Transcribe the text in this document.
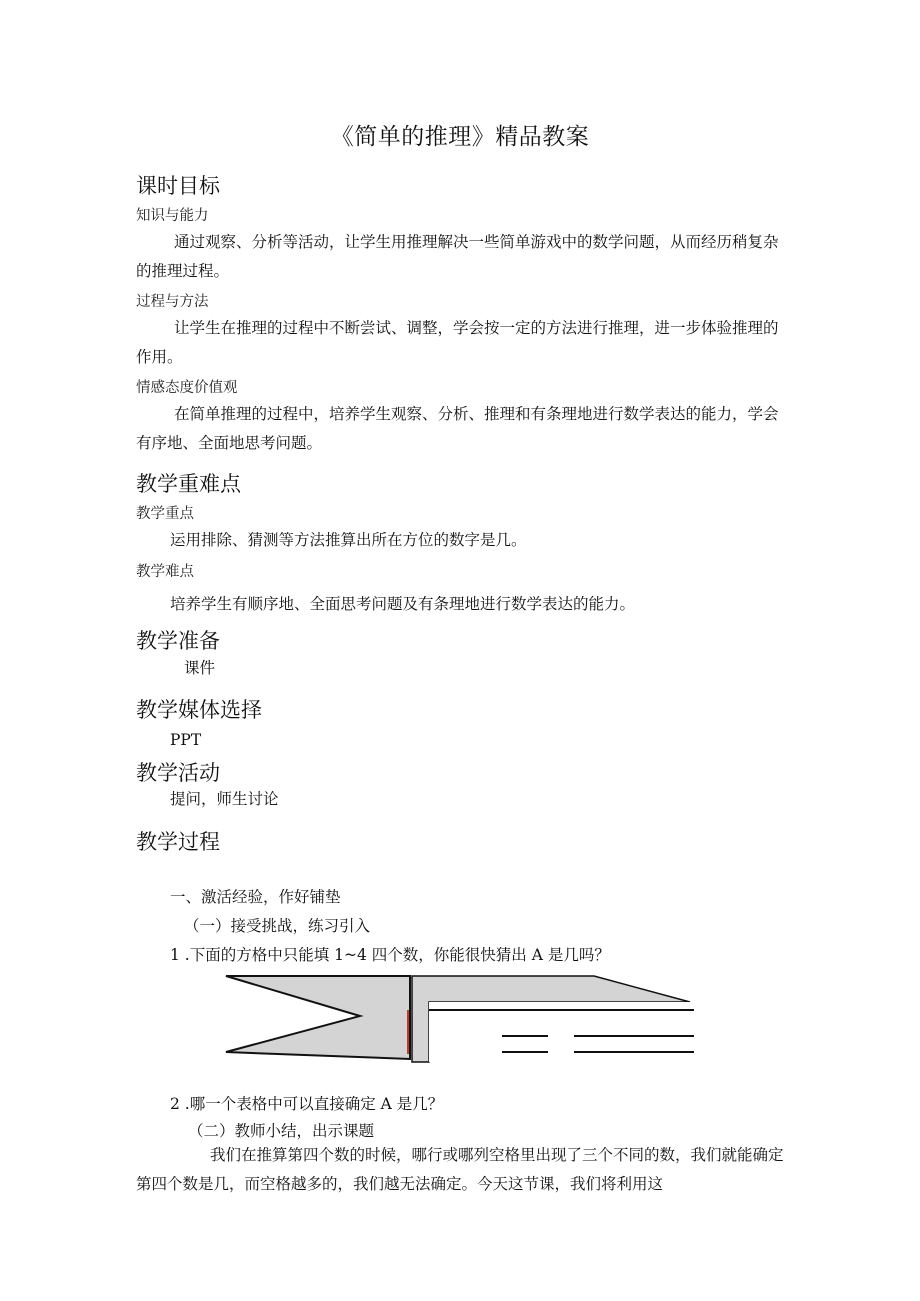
《简单的推理》精品教案
课时目标
知识与能力
通过观察、分析等活动，让学生用推理解决一些简单游戏中的数学问题，从而经历稍复杂的推理过程。
过程与方法
让学生在推理的过程中不断尝试、调整，学会按一定的方法进行推理，进一步体验推理的作用。
情感态度价值观
在简单推理的过程中，培养学生观察、分析、推理和有条理地进行数学表达的能力，学会有序地、全面地思考问题。
教学重难点
教学重点
运用排除、猜测等方法推算出所在方位的数字是几。
教学难点
培养学生有顺序地、全面思考问题及有条理地进行数学表达的能力。
教学准备
课件
教学媒体选择
PPT
教学活动
提问，师生讨论
教学过程
一、激活经验，作好铺垫
（一）接受挑战，练习引入
1 .下面的方格中只能填 1~4 四个数，你能很快猜出 A 是几吗？
2 .哪一个表格中可以直接确定 A 是几？
（二）教师小结，出示课题
我们在推算第四个数的时候，哪行或哪列空格里出现了三个不同的数，我们就能确定第四个数是几，而空格越多的，我们越无法确定。今天这节课，我们将利用这
